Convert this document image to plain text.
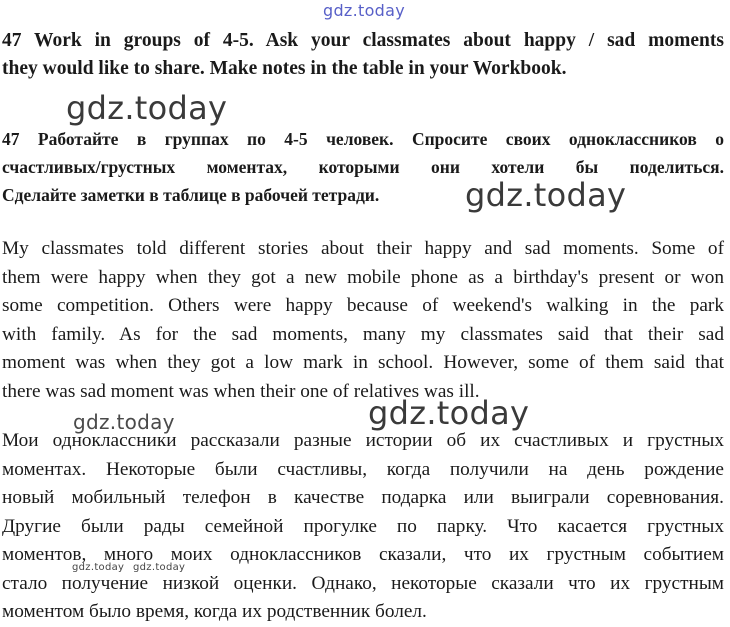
gdz.today
47 Work in groups of 4-5. Ask your classmates about happy / sad moments
they would like to share. Make notes in the table in your Workbook.
47 Работайте в группах по 4-5 человек. Спросите своих одноклассников о
счастливых/грустных моментах, которыми они хотели бы поделиться.
Сделайте заметки в таблице в рабочей тетради.
My classmates told different stories about their happy and sad moments. Some of
them were happy when they got a new mobile phone as a birthday's present or won
some competition. Others were happy because of weekend's walking in the park
with family. As for the sad moments, many my classmates said that their sad
moment was when they got a low mark in school. However, some of them said that
there was sad moment was when their one of relatives was ill.
Мои одноклассники рассказали разные истории об их счастливых и грустных
моментах. Некоторые были счастливы, когда получили на день рождение
новый мобильный телефон в качестве подарка или выиграли соревнования.
Другие были рады семейной прогулке по парку. Что касается грустных
моментов, много моих одноклассников сказали, что их грустным событием
стало получение низкой оценки. Однако, некоторые сказали что их грустным
моментом было время, когда их родственник болел.
gdz.today
gdz.today
gdz.today	gdz.today
gdz.today gdz.today
